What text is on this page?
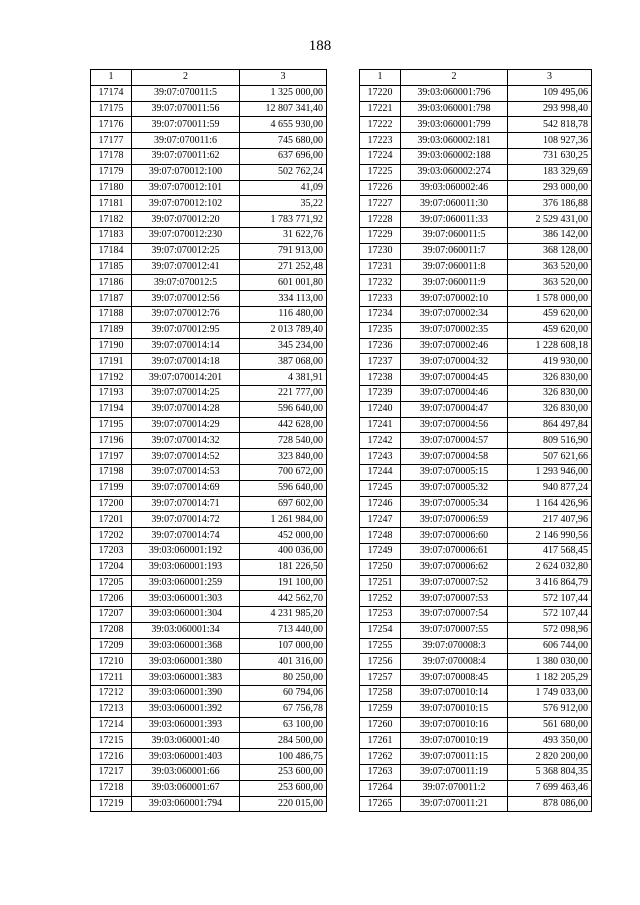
188
1	2	3
17174	39:07:070011:5	1 325 000,00
17175	39:07:070011:56	12 807 341,40
17176	39:07:070011:59	4 655 930,00
17177	39:07:070011:6	745 680,00
17178	39:07:070011:62	637 696,00
17179	39:07:070012:100	502 762,24
17180	39:07:070012:101	41,09
17181	39:07:070012:102	35,22
17182	39:07:070012:20	1 783 771,92
17183	39:07:070012:230	31 622,76
17184	39:07:070012:25	791 913,00
17185	39:07:070012:41	271 252,48
17186	39:07:070012:5	601 001,80
17187	39:07:070012:56	334 113,00
17188	39:07:070012:76	116 480,00
17189	39:07:070012:95	2 013 789,40
17190	39:07:070014:14	345 234,00
17191	39:07:070014:18	387 068,00
17192	39:07:070014:201	4 381,91
17193	39:07:070014:25	221 777,00
17194	39:07:070014:28	596 640,00
17195	39:07:070014:29	442 628,00
17196	39:07:070014:32	728 540,00
17197	39:07:070014:52	323 840,00
17198	39:07:070014:53	700 672,00
17199	39:07:070014:69	596 640,00
17200	39:07:070014:71	697 602,00
17201	39:07:070014:72	1 261 984,00
17202	39:07:070014:74	452 000,00
17203	39:03:060001:192	400 036,00
17204	39:03:060001:193	181 226,50
17205	39:03:060001:259	191 100,00
17206	39:03:060001:303	442 562,70
17207	39:03:060001:304	4 231 985,20
17208	39:03:060001:34	713 440,00
17209	39:03:060001:368	107 000,00
17210	39:03:060001:380	401 316,00
17211	39:03:060001:383	80 250,00
17212	39:03:060001:390	60 794,06
17213	39:03:060001:392	67 756,78
17214	39:03:060001:393	63 100,00
17215	39:03:060001:40	284 500,00
17216	39:03:060001:403	100 486,75
17217	39:03:060001:66	253 600,00
17218	39:03:060001:67	253 600,00
17219	39:03:060001:794	220 015,00
1	2	3
17220	39:03:060001:796	109 495,06
17221	39:03:060001:798	293 998,40
17222	39:03:060001:799	542 818,78
17223	39:03:060002:181	108 927,36
17224	39:03:060002:188	731 630,25
17225	39:03:060002:274	183 329,69
17226	39:03:060002:46	293 000,00
17227	39:07:060011:30	376 186,88
17228	39:07:060011:33	2 529 431,00
17229	39:07:060011:5	386 142,00
17230	39:07:060011:7	368 128,00
17231	39:07:060011:8	363 520,00
17232	39:07:060011:9	363 520,00
17233	39:07:070002:10	1 578 000,00
17234	39:07:070002:34	459 620,00
17235	39:07:070002:35	459 620,00
17236	39:07:070002:46	1 228 608,18
17237	39:07:070004:32	419 930,00
17238	39:07:070004:45	326 830,00
17239	39:07:070004:46	326 830,00
17240	39:07:070004:47	326 830,00
17241	39:07:070004:56	864 497,84
17242	39:07:070004:57	809 516,90
17243	39:07:070004:58	507 621,66
17244	39:07:070005:15	1 293 946,00
17245	39:07:070005:32	940 877,24
17246	39:07:070005:34	1 164 426,96
17247	39:07:070006:59	217 407,96
17248	39:07:070006:60	2 146 990,56
17249	39:07:070006:61	417 568,45
17250	39:07:070006:62	2 624 032,80
17251	39:07:070007:52	3 416 864,79
17252	39:07:070007:53	572 107,44
17253	39:07:070007:54	572 107,44
17254	39:07:070007:55	572 098,96
17255	39:07:070008:3	606 744,00
17256	39:07:070008:4	1 380 030,00
17257	39:07:070008:45	1 182 205,29
17258	39:07:070010:14	1 749 033,00
17259	39:07:070010:15	576 912,00
17260	39:07:070010:16	561 680,00
17261	39:07:070010:19	493 350,00
17262	39:07:070011:15	2 820 200,00
17263	39:07:070011:19	5 368 804,35
17264	39:07:070011:2	7 699 463,46
17265	39:07:070011:21	878 086,00
